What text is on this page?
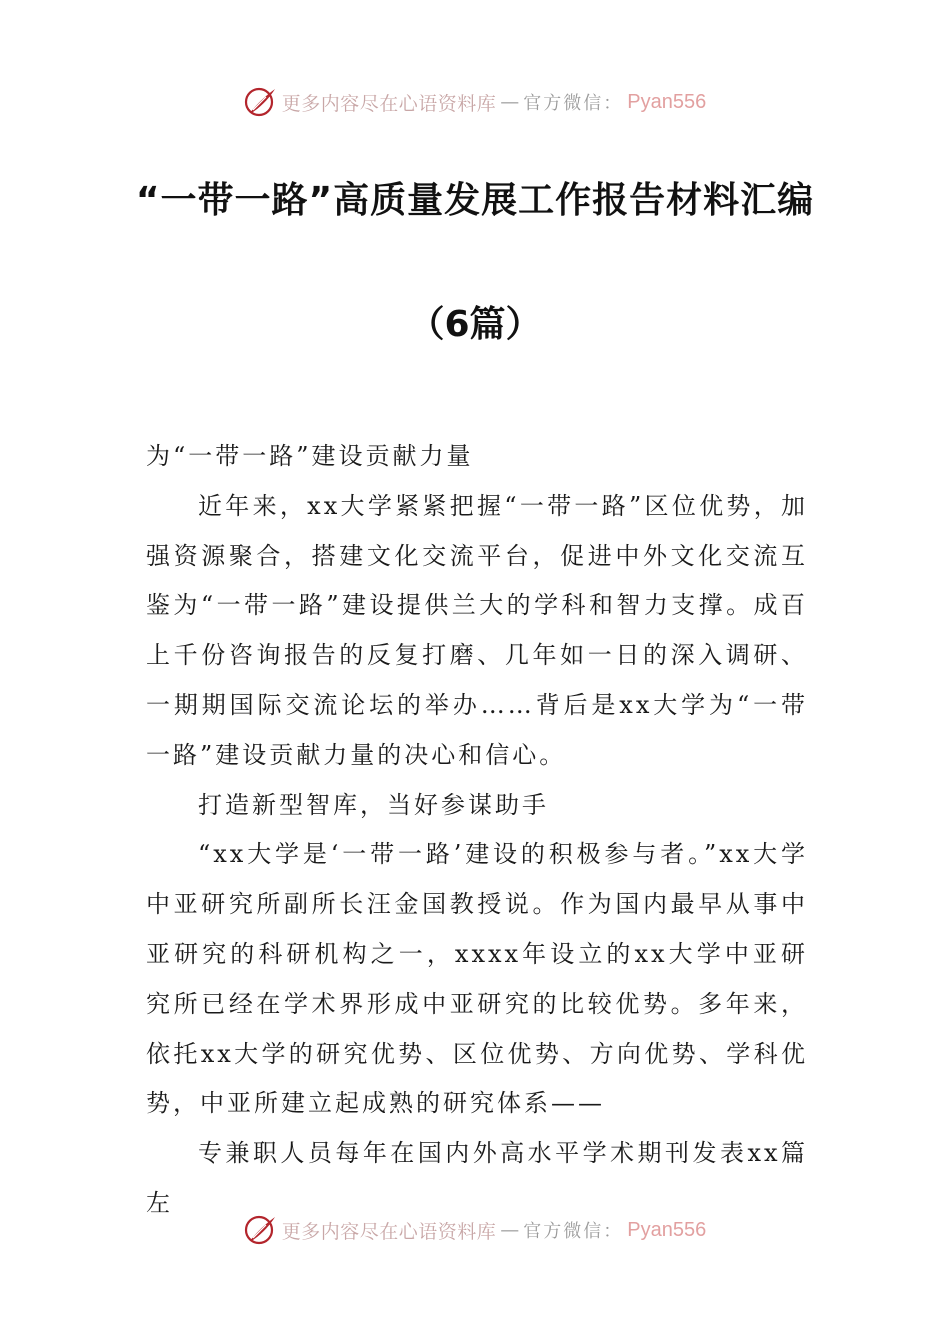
更多内容尽在心语资料库 — 官方微信： Pyan556
“一带一路”高质量发展工作报告材料汇编
（6篇）

为“一带一路”建设贡献力量

近年来，xx大学紧紧把握“一带一路”区位优势，加强资源聚合，搭建文化交流平台，促进中外文化交流互鉴为“一带一路”建设提供兰大的学科和智力支撑。成百上千份咨询报告的反复打磨、几年如一日的深入调研、一期期国际交流论坛的举办……背后是xx大学为“一带一路”建设贡献力量的决心和信心。

打造新型智库，当好参谋助手

“xx大学是‘一带一路’建设的积极参与者。”xx大学中亚研究所副所长汪金国教授说。作为国内最早从事中亚研究的科研机构之一，xxxx年设立的xx大学中亚研究所已经在学术界形成中亚研究的比较优势。多年来，依托xx大学的研究优势、区位优势、方向优势、学科优势，中亚所建立起成熟的研究体系——

专兼职人员每年在国内外高水平学术期刊发表xx篇左

更多内容尽在心语资料库 — 官方微信： Pyan556
